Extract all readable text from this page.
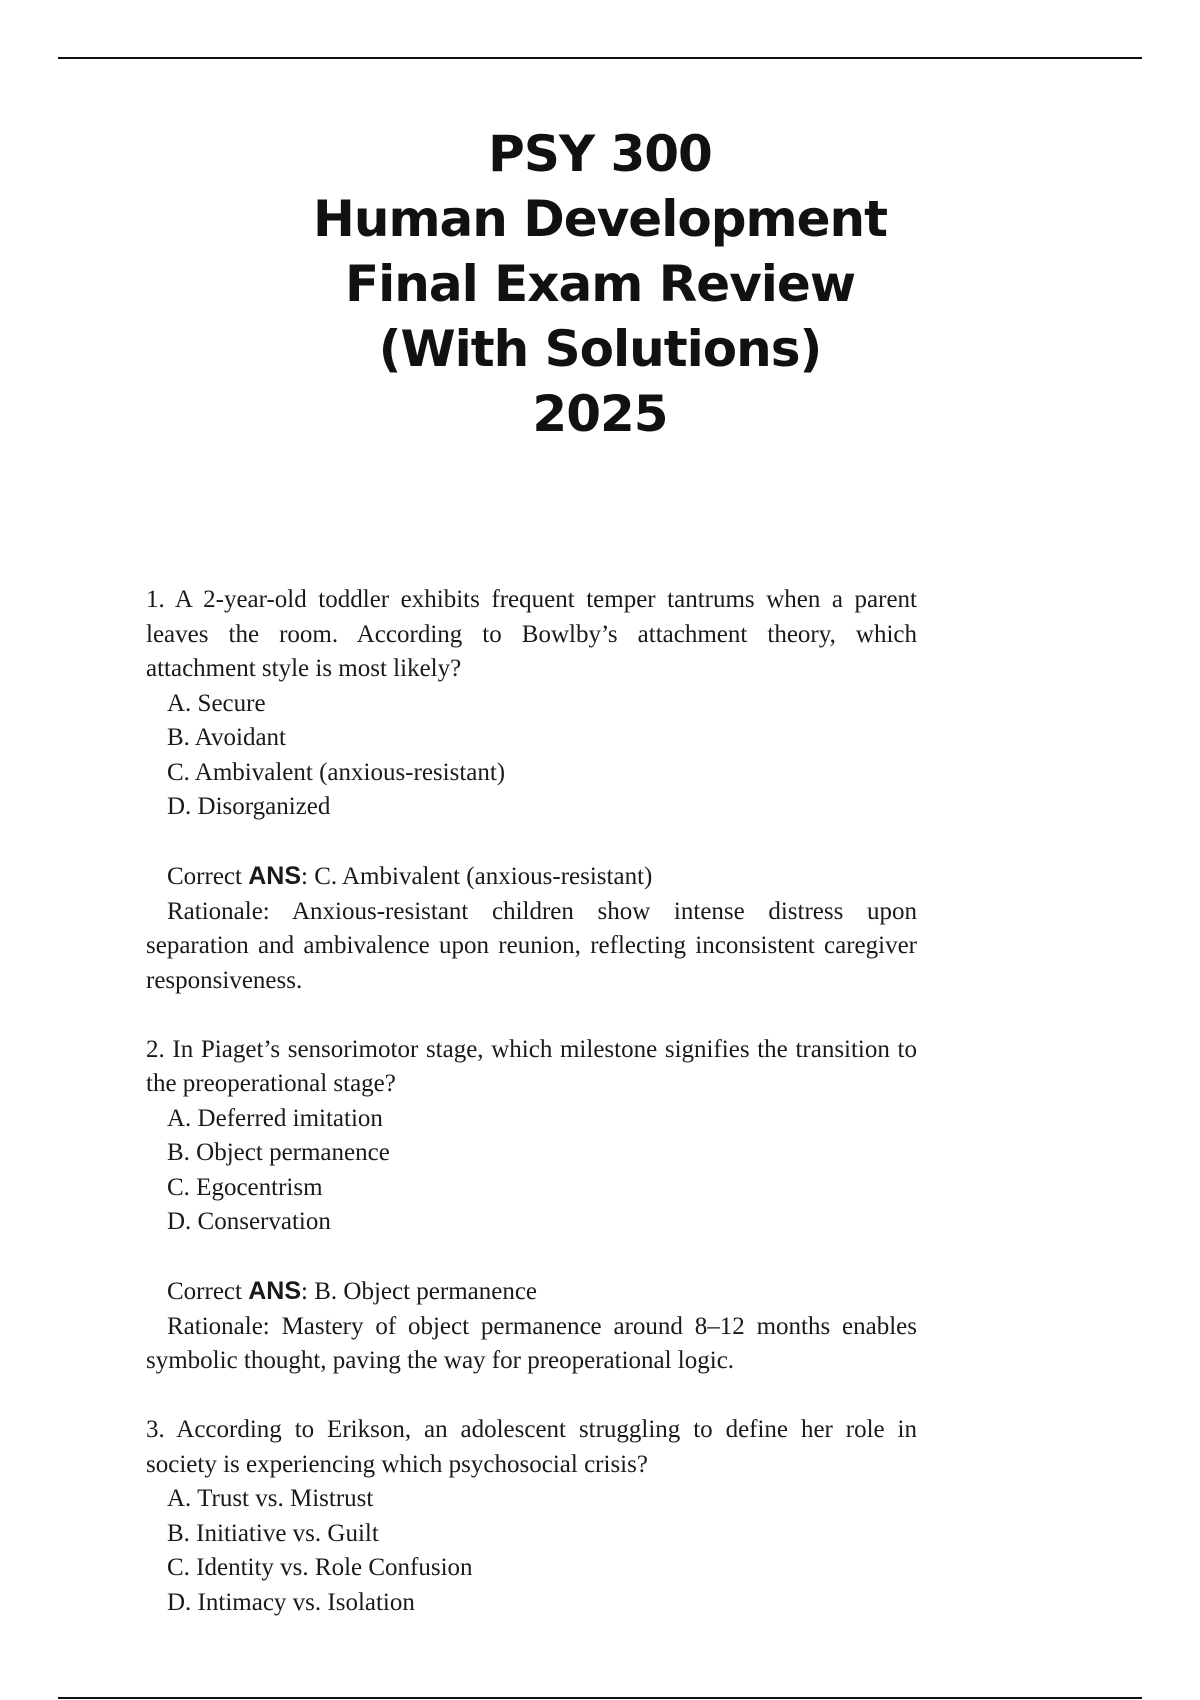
PSY 300
Human Development
Final Exam Review
(With Solutions)
2025

1. A 2-year-old toddler exhibits frequent temper tantrums when a parent leaves the room. According to Bowlby’s attachment theory, which attachment style is most likely?

A. Secure

B. Avoidant

C. Ambivalent (anxious-resistant)

D. Disorganized

Correct ANS: C. Ambivalent (anxious-resistant)

Rationale: Anxious-resistant children show intense distress upon separation and ambivalence upon reunion, reflecting inconsistent caregiver responsiveness.

2. In Piaget’s sensorimotor stage, which milestone signifies the transition to the preoperational stage?

A. Deferred imitation

B. Object permanence

C. Egocentrism

D. Conservation

Correct ANS: B. Object permanence

Rationale: Mastery of object permanence around 8–12 months enables symbolic thought, paving the way for preoperational logic.

3. According to Erikson, an adolescent struggling to define her role in society is experiencing which psychosocial crisis?

A. Trust vs. Mistrust

B. Initiative vs. Guilt

C. Identity vs. Role Confusion

D. Intimacy vs. Isolation
